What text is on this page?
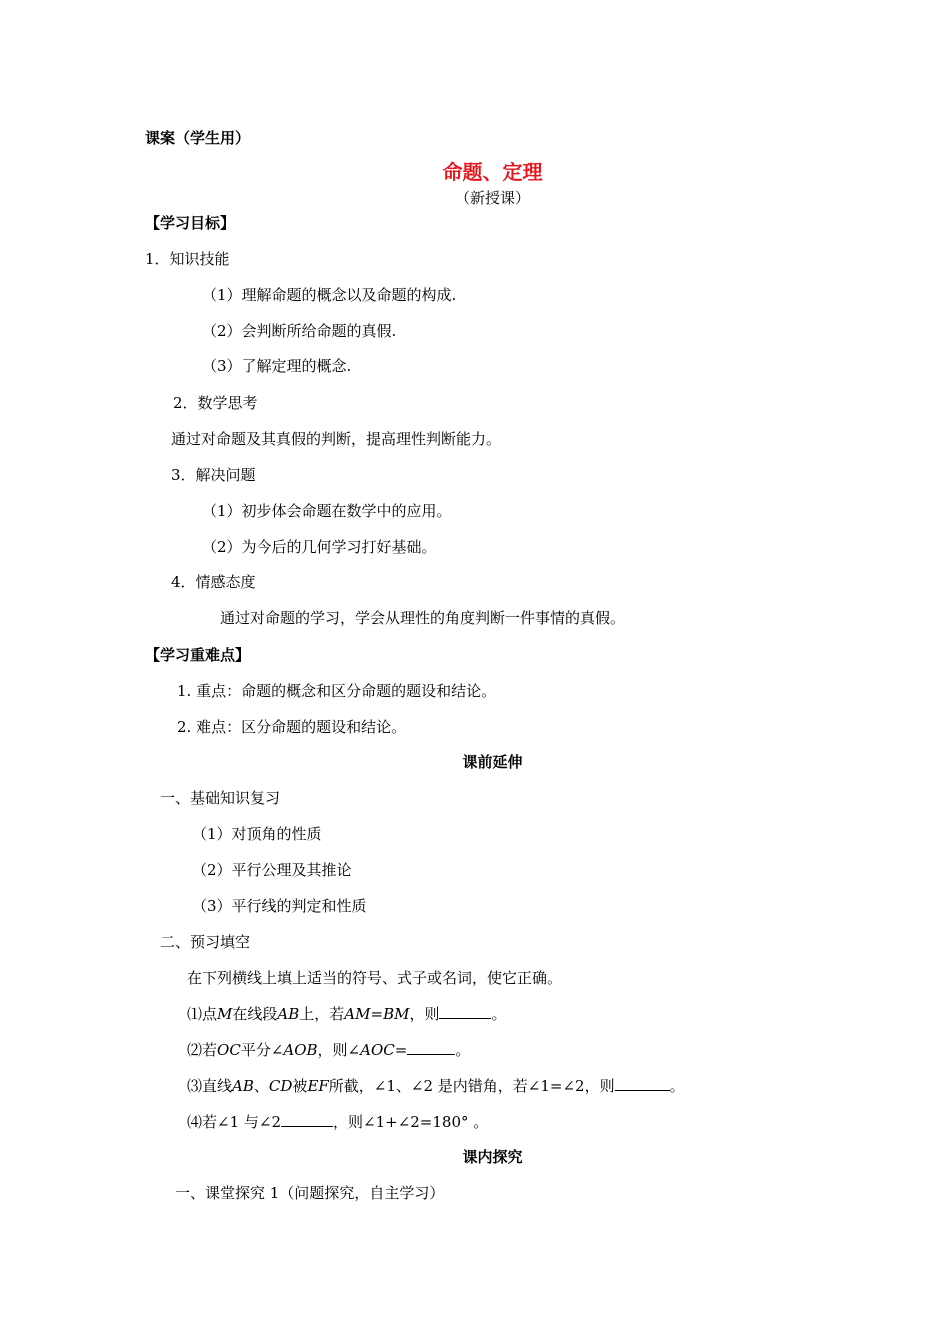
课案（学生用）
命题、定理
（新授课）
【学习目标】
1．知识技能
（1）理解命题的概念以及命题的构成.
（2）会判断所给命题的真假.
（3）了解定理的概念.
2．数学思考
通过对命题及其真假的判断，提高理性判断能力。
3．解决问题
（1）初步体会命题在数学中的应用。
（2）为今后的几何学习打好基础。
4．情感态度
通过对命题的学习，学会从理性的角度判断一件事情的真假。
【学习重难点】
1. 重点：命题的概念和区分命题的题设和结论。
2. 难点：区分命题的题设和结论。
课前延伸
一、基础知识复习
（1）对顶角的性质
（2）平行公理及其推论
（3）平行线的判定和性质
二、预习填空
在下列横线上填上适当的符号、式子或名词，使它正确。
⑴点M在线段AB上，若AM=BM，则	。
⑵若OC平分∠AOB，则∠AOC=	。
⑶直线AB、CD被EF所截，∠1、∠2 是内错角，若∠1=∠2，则	。
⑷若∠1 与∠2	，则∠1+∠2=180° 。
课内探究
一、课堂探究 1（问题探究，自主学习）
